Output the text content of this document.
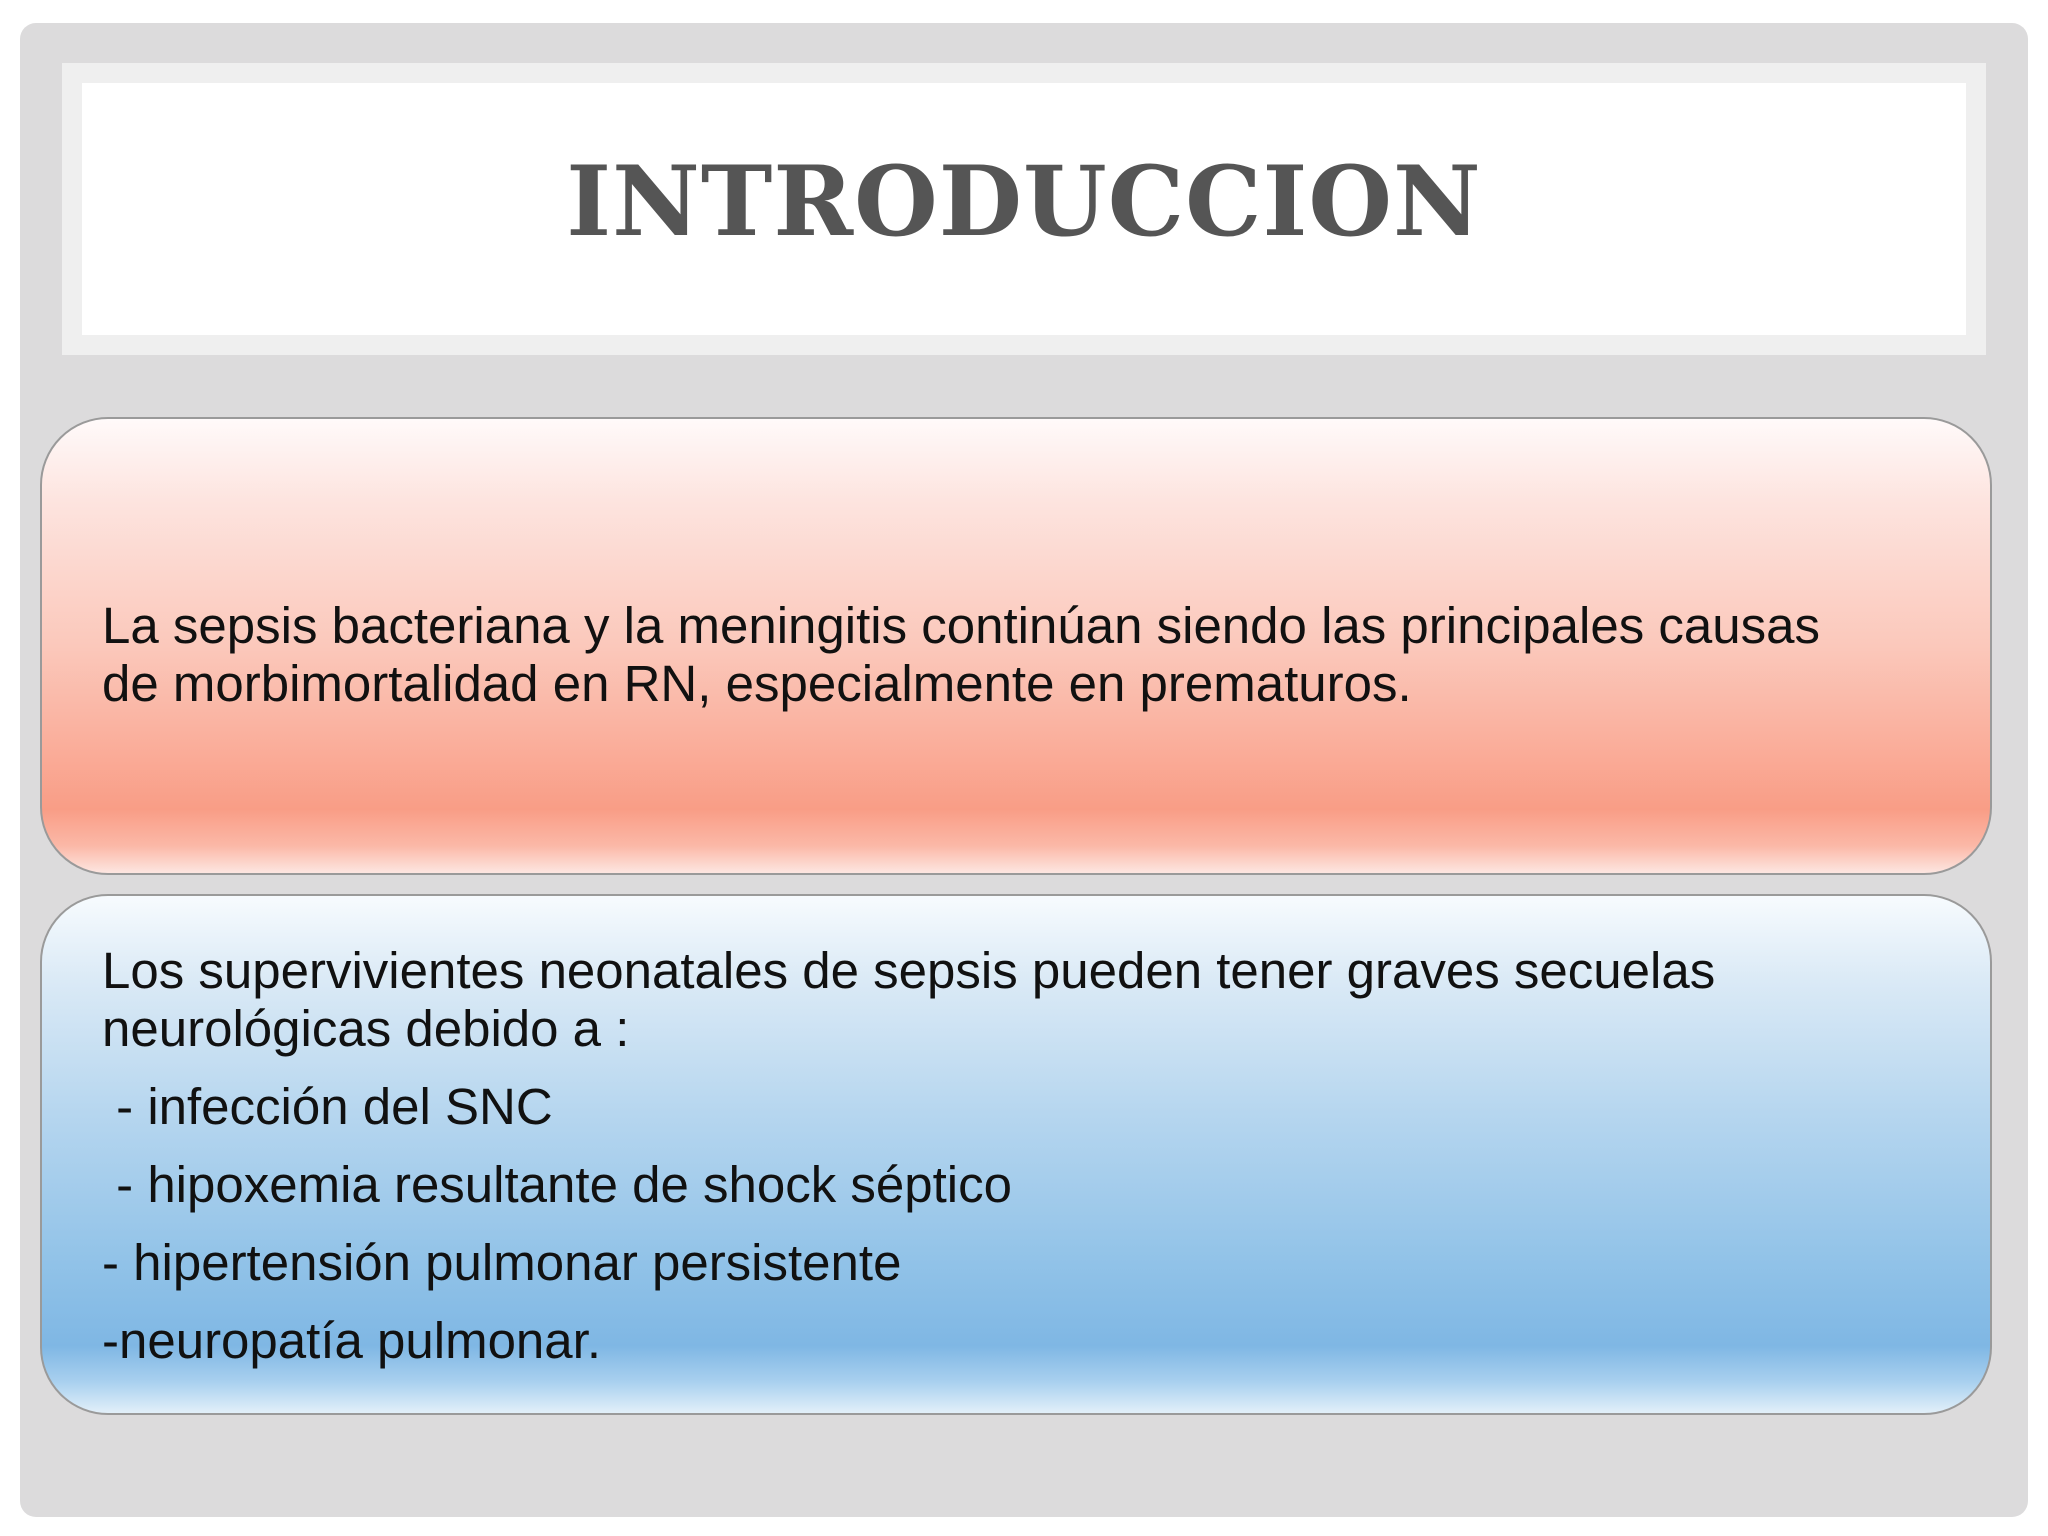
INTRODUCCION
La sepsis bacteriana y la meningitis continúan siendo las principales causas de morbimortalidad en RN, especialmente en prematuros.
Los supervivientes neonatales de sepsis pueden tener graves secuelas neurológicas debido a :
- infección del SNC
- hipoxemia resultante de shock séptico
- hipertensión pulmonar persistente
-neuropatía pulmonar.
